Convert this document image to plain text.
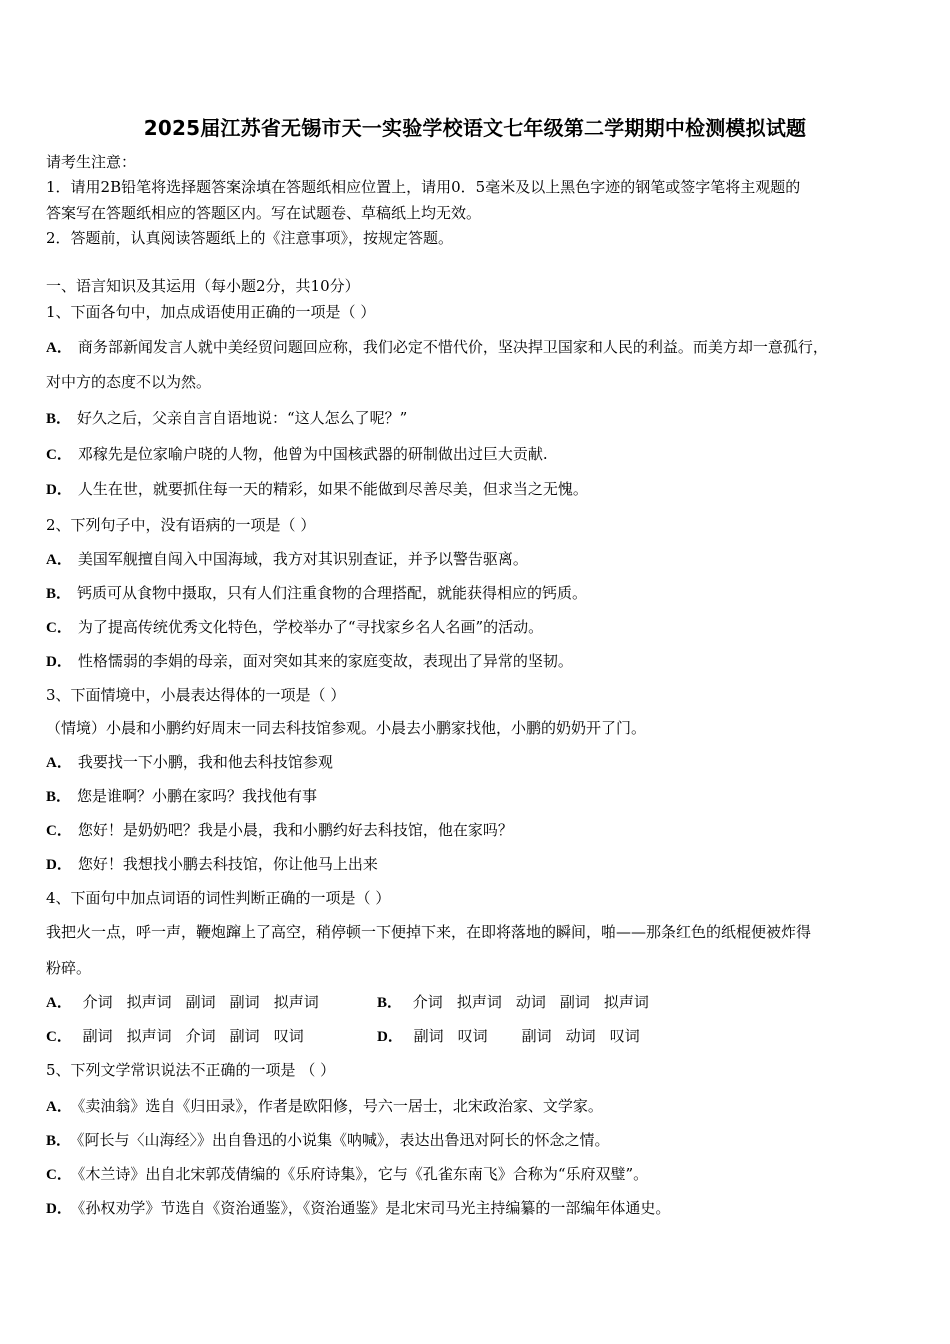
2025届江苏省无锡市天一实验学校语文七年级第二学期期中检测模拟试题
请考生注意：
1．请用2B铅笔将选择题答案涂填在答题纸相应位置上，请用0．5毫米及以上黑色字迹的钢笔或签字笔将主观题的
答案写在答题纸相应的答题区内。写在试题卷、草稿纸上均无效。
2．答题前，认真阅读答题纸上的《注意事项》，按规定答题。
一、语言知识及其运用（每小题2分，共10分）
1、下面各句中，加点成语使用正确的一项是（ ）
A． 商务部新闻发言人就中美经贸问题回应称，我们必定不惜代价，坚决捍卫国家和人民的利益。而美方却一意孤行，
对中方的态度不以为然。
B． 好久之后，父亲自言自语地说：“这人怎么了呢？”
C． 邓稼先是位家喻户晓的人物，他曾为中国核武器的研制做出过巨大贡献.
D． 人生在世，就要抓住每一天的精彩，如果不能做到尽善尽美，但求当之无愧。
2、下列句子中，没有语病的一项是（ ）
A． 美国军舰擅自闯入中国海域，我方对其识别查证，并予以警告驱离。
B． 钙质可从食物中摄取，只有人们注重食物的合理搭配，就能获得相应的钙质。
C． 为了提高传统优秀文化特色，学校举办了“寻找家乡名人名画”的活动。
D． 性格懦弱的李娟的母亲，面对突如其来的家庭变故，表现出了异常的坚韧。
3、下面情境中，小晨表达得体的一项是（ ）
（情境）小晨和小鹏约好周末一同去科技馆参观。小晨去小鹏家找他，小鹏的奶奶开了门。
A． 我要找一下小鹏，我和他去科技馆参观
B． 您是谁啊？小鹏在家吗？我找他有事
C． 您好！是奶奶吧？我是小晨，我和小鹏约好去科技馆，他在家吗？
D． 您好！我想找小鹏去科技馆，你让他马上出来
4、下面句中加点词语的词性判断正确的一项是（ ）
我把火一点，呼一声，鞭炮蹿上了高空，稍停顿一下便掉下来，在即将落地的瞬间，啪——那条红色的纸棍便被炸得
粉碎。
A． 介词 拟声词 副词 副词 拟声词	B． 介词 拟声词 动词 副词 拟声词
C． 副词 拟声词 介词 副词 叹词	D． 副词 叹词 副词 动词 叹词
5、下列文学常识说法不正确的一项是 （ ）
A． 《卖油翁》选自《归田录》，作者是欧阳修，号六一居士，北宋政治家、文学家。
B． 《阿长与〈山海经〉》出自鲁迅的小说集《呐喊》，表达出鲁迅对阿长的怀念之情。
C． 《木兰诗》出自北宋郭茂倩编的《乐府诗集》，它与《孔雀东南飞》合称为“乐府双璧”。
D． 《孙权劝学》节选自《资治通鉴》，《资治通鉴》是北宋司马光主持编纂的一部编年体通史。
